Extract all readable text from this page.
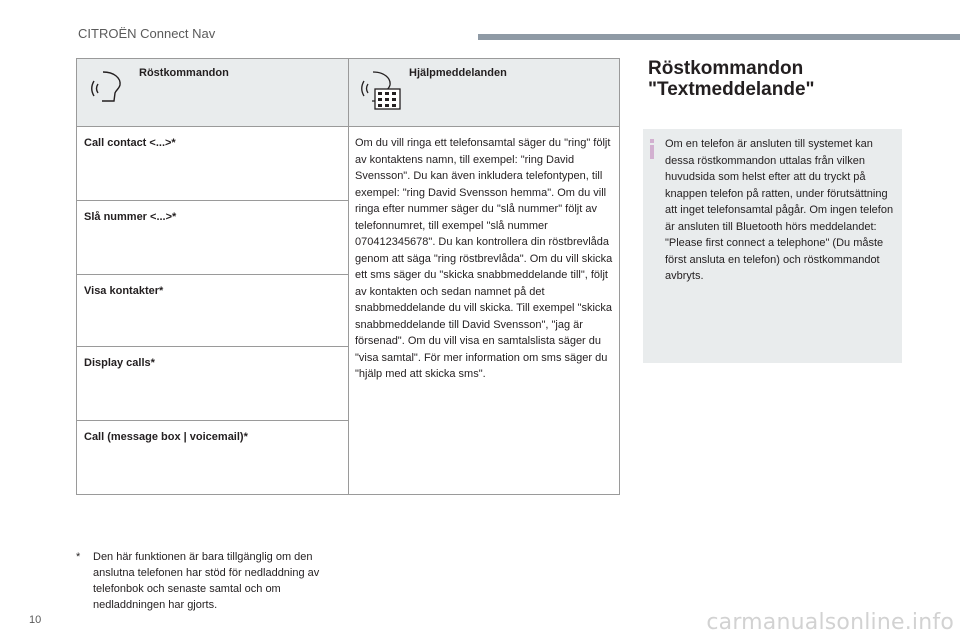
CITROËN Connect Nav
Röstkommandon
Call contact <...>*
Slå nummer <...>*
Visa kontakter*
Display calls*
Call (message box | voicemail)*
Hjälpmeddelanden
Om du vill ringa ett telefonsamtal säger du "ring" följt av kontaktens namn, till exempel: "ring David Svensson". Du kan även inkludera telefontypen, till exempel: "ring David Svensson hemma". Om du vill ringa efter nummer säger du "slå nummer" följt av telefonnumret, till exempel "slå nummer 070412345678". Du kan kontrollera din röstbrevlåda genom att säga "ring röstbrevlåda". Om du vill skicka ett sms säger du "skicka snabbmeddelande till", följt av kontakten och sedan namnet på det snabbmeddelande du vill skicka. Till exempel "skicka snabbmeddelande till David Svensson", "jag är försenad". Om du vill visa en samtalslista säger du "visa samtal". För mer information om sms säger du "hjälp med att skicka sms".
* Den här funktionen är bara tillgänglig om den anslutna telefonen har stöd för nedladdning av telefonbok och senaste samtal och om nedladdningen har gjorts.
Röstkommandon "Textmeddelande"
Om en telefon är ansluten till systemet kan dessa röstkommandon uttalas från vilken huvudsida som helst efter att du tryckt på knappen telefon på ratten, under förutsättning att inget telefonsamtal pågår. Om ingen telefon är ansluten till Bluetooth hörs meddelandet: "Please first connect a telephone" (Du måste först ansluta en telefon) och röstkommandot avbryts.
10	carmanualsonline.info
